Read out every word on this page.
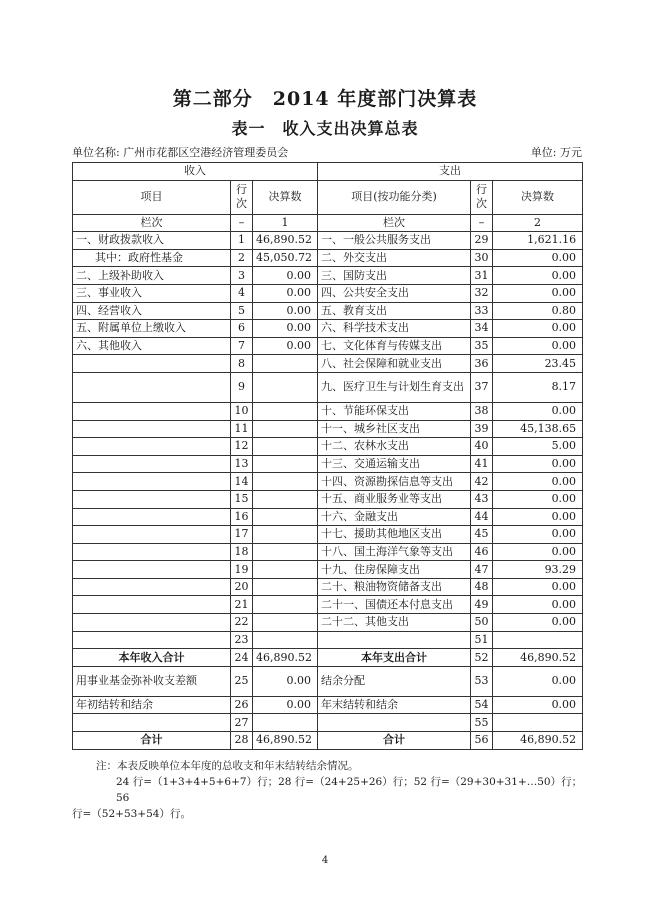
第二部分　2014 年度部门决算表
表一　收入支出决算总表
单位名称: 广州市花都区空港经济管理委员会	单位: 万元
收入			支出		
项目	行次	决算数	项目(按功能分类)	行次	决算数
栏次	–	1	栏次	–	2
一、财政拨款收入	1	46,890.52	一、一般公共服务支出	29	1,621.16
其中：政府性基金	2	45,050.72	二、外交支出	30	0.00
二、上级补助收入	3	0.00	三、国防支出	31	0.00
三、事业收入	4	0.00	四、公共安全支出	32	0.00
四、经营收入	5	0.00	五、教育支出	33	0.80
五、附属单位上缴收入	6	0.00	六、科学技术支出	34	0.00
六、其他收入	7	0.00	七、文化体育与传媒支出	35	0.00
	8		八、社会保障和就业支出	36	23.45
	9		九、医疗卫生与计划生育支出	37	8.17
	10		十、节能环保支出	38	0.00
	11		十一、城乡社区支出	39	45,138.65
	12		十二、农林水支出	40	5.00
	13		十三、交通运输支出	41	0.00
	14		十四、资源勘探信息等支出	42	0.00
	15		十五、商业服务业等支出	43	0.00
	16		十六、金融支出	44	0.00
	17		十七、援助其他地区支出	45	0.00
	18		十八、国土海洋气象等支出	46	0.00
	19		十九、住房保障支出	47	93.29
	20		二十、粮油物资储备支出	48	0.00
	21		二十一、国债还本付息支出	49	0.00
	22		二十二、其他支出	50	0.00
	23			51	
本年收入合计	24	46,890.52	本年支出合计	52	46,890.52
用事业基金弥补收支差额	25	0.00	结余分配	53	0.00
年初结转和结余	26	0.00	年末结转和结余	54	0.00
	27			55	
合计	28	46,890.52	合计	56	46,890.52
注：本表反映单位本年度的总收支和年末结转结余情况。
24 行=（1+3+4+5+6+7）行；28 行=（24+25+26）行；52 行=（29+30+31+…50）行；56
行=（52+53+54）行。
4
